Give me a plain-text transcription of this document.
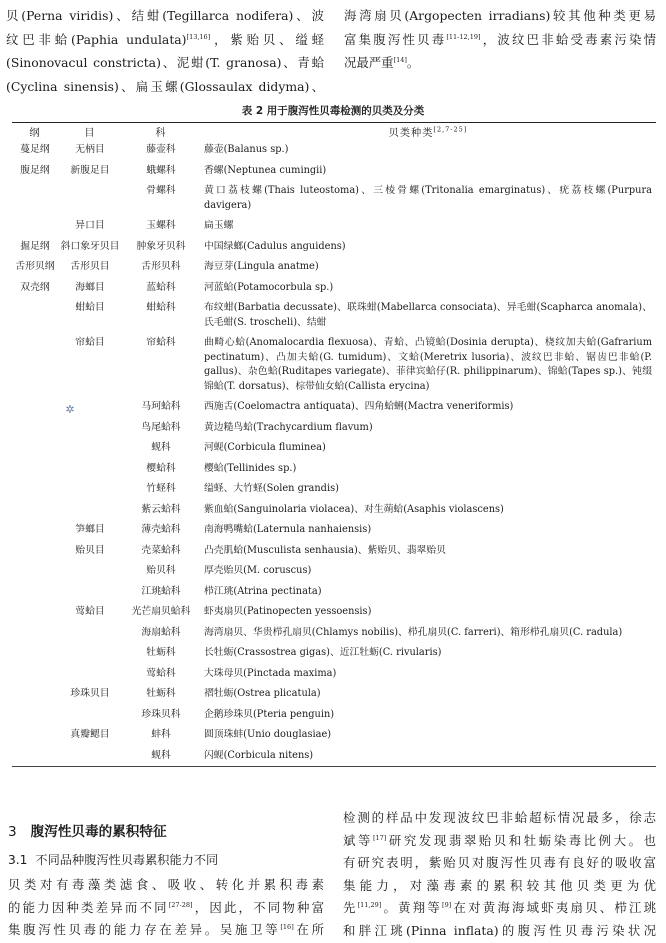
贝(Perna viridis)、结蚶(Tegillarca nodifera)、波
纹巴非蛤(Paphia undulata)[13,16]，紫贻贝、缢蛏
(Sinonovacul constricta)、泥蚶(T. granosa)、青蛤
(Cyclina sinensis)、扁玉螺(Glossaulax didyma)、
海湾扇贝(Argopecten irradians)较其他种类更易
富集腹泻性贝毒[11-12,19]，波纹巴非蛤受毒素污染情
况最严重[14]。
表 2 用于腹泻性贝毒检测的贝类及分类
纲	目	科	贝类种类[2,7-25]
蔓足纲	无柄目	藤壶科	藤壶(Balanus sp.)
腹足纲	新腹足目	蛾螺科	香螺(Neptunea cumingii)
		骨螺科	黄口荔枝螺(Thais luteostoma)、三棱骨螺(Tritonalia emarginatus)、疣荔枝螺(Purpura davigera)
	异口目	玉螺科	扁玉螺
掘足纲	斜口象牙贝目	肿象牙贝科	中国绿螂(Cadulus anguidens)
舌形贝纲	舌形贝目	舌形贝科	海豆芽(Lingula anatme)
双壳纲	海螂目	蓝蛤科	河蓝蛤(Potamocorbula sp.)
	蚶蛤目	蚶蛤科	布纹蚶(Barbatia decussate)、联珠蚶(Mabellarca consociata)、异毛蚶(Scapharca anomala)、氏毛蚶(S. troscheli)、结蚶
	帘蛤目	帘蛤科	曲畸心蛤(Anomalocardia flexuosa)、青蛤、凸镜蛤(Dosinia derupta)、桡纹加夫蛤(Gafrarium pectinatum)、凸加夫蛤(G. tumidum)、文蛤(Meretrix lusoria)、波纹巴非蛤、锯齿巴非蛤(P. gallus)、杂色蛤(Ruditapes variegate)、菲律宾蛤仔(R. philippinarum)、锦蛤(Tapes sp.)、钝缀锦蛤(T. dorsatus)、棕带仙女蛤(Callista erycina)
		马珂蛤科	西施舌(Coelomactra antiquata)、四角蛤蜊(Mactra veneriformis)
		鸟尾蛤科	黄边糙鸟蛤(Trachycardium flavum)
		蚬科	河蚬(Corbicula fluminea)
		樱蛤科	樱蛤(Tellinides sp.)
		竹蛏科	缢蛏、大竹蛏(Solen grandis)
		紫云蛤科	紫血蛤(Sanguinolaria violacea)、对生蒴蛤(Asaphis violascens)
	笋螂目	薄壳蛤科	南海鸭嘴蛤(Laternula nanhaiensis)
	贻贝目	壳菜蛤科	凸壳肌蛤(Musculista senhausia)、紫贻贝、翡翠贻贝
		贻贝科	厚壳贻贝(M. coruscus)
		江珧蛤科	栉江珧(Atrina pectinata)
	莺蛤目	光芒扇贝蛤科	虾夷扇贝(Patinopecten yessoensis)
		海扇蛤科	海湾扇贝、华贵栉孔扇贝(Chlamys nobilis)、栉孔扇贝(C. farreri)、箱形栉孔扇贝(C. radula)
		牡蛎科	长牡蛎(Crassostrea gigas)、近江牡蛎(C. rivularis)
		莺蛤科	大珠母贝(Pinctada maxima)
	珍珠贝目	牡蛎科	褶牡蛎(Ostrea plicatula)
		珍珠贝科	企鹅珍珠贝(Pteria penguin)
	真瓣鳃目	蚌科	圆顶珠蚌(Unio douglasiae)
		蚬科	闪蚬(Corbicula nitens)
✲
3 腹泻性贝毒的累积特征
3.1 不同品种腹泻性贝毒累积能力不同
贝类对有毒藻类滤食、吸收、转化并累积毒素
的能力因种类差异而不同[27-28]，因此，不同物种富
集腹泻性贝毒的能力存在差异。吴施卫等[16]在所
检测的样品中发现波纹巴非蛤超标情况最多，徐志
斌等[17]研究发现翡翠贻贝和牡蛎染毒比例大。也
有研究表明，紫贻贝对腹泻性贝毒有良好的吸收富
集能力，对藻毒素的累积较其他贝类更为优
先[11,29]。黄翔等[9]在对黄海海域虾夷扇贝、栉江珧
和胖江珧(Pinna inflata)的腹泻性贝毒污染状况
